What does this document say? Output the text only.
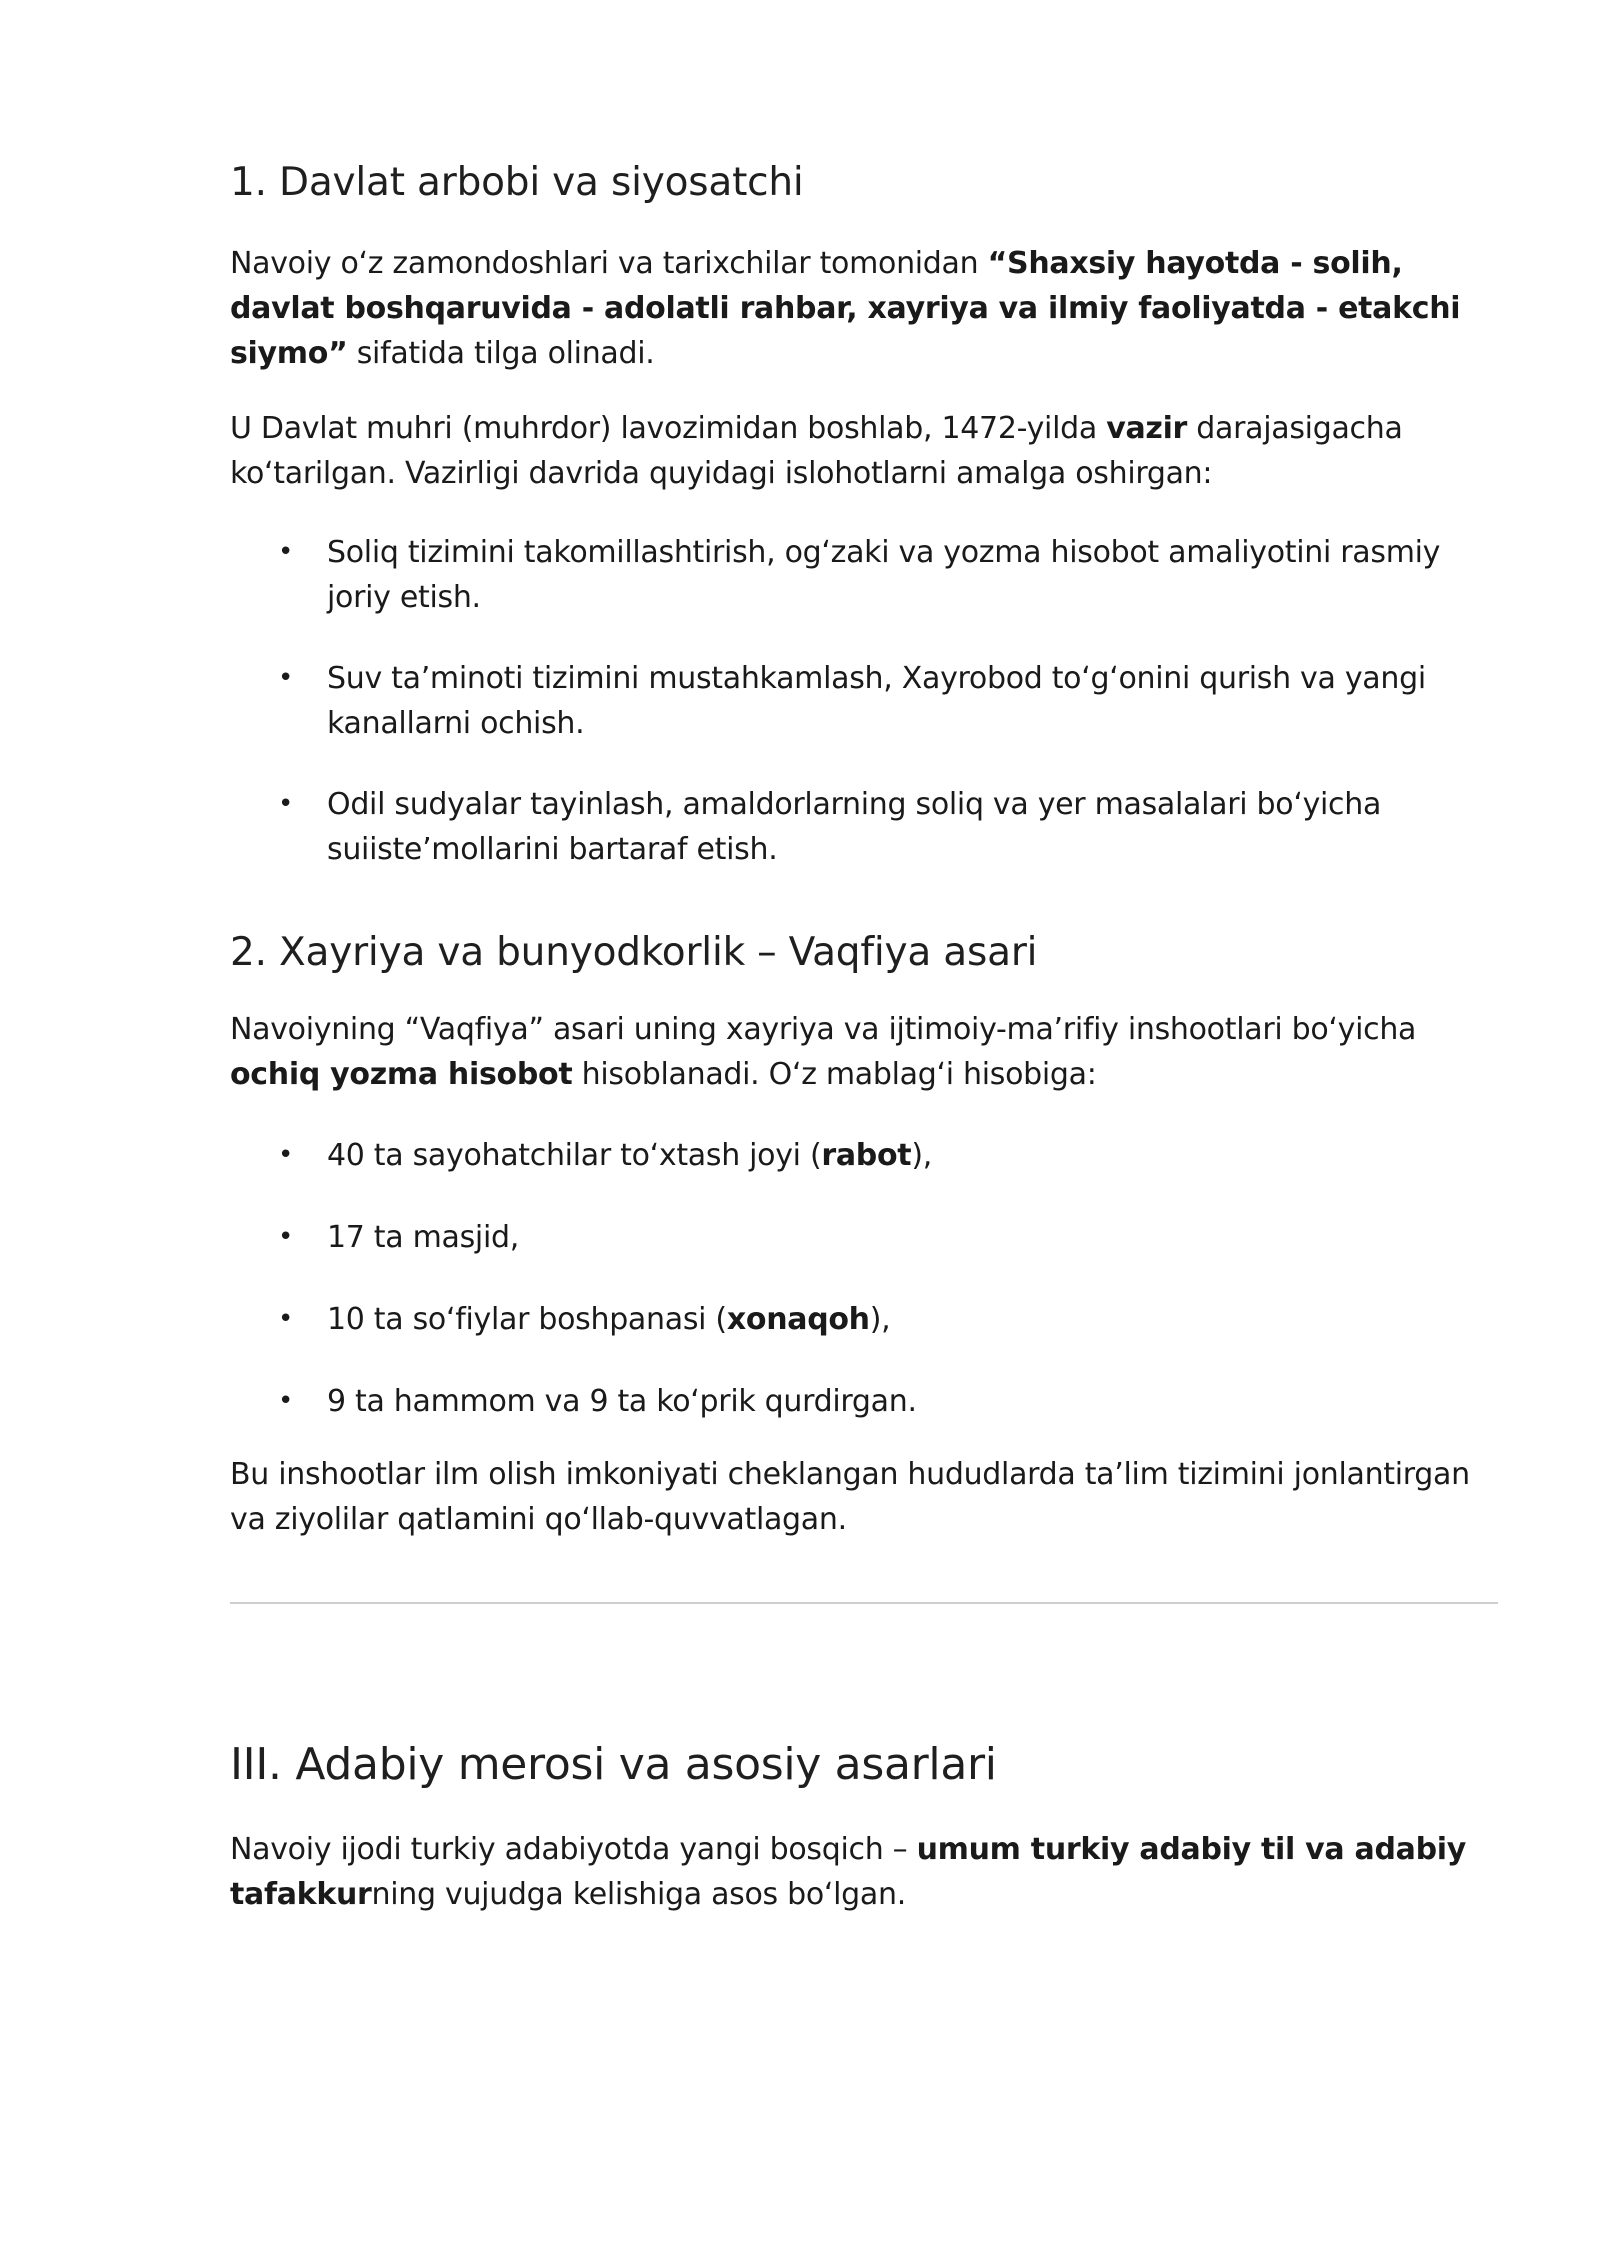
1. Davlat arbobi va siyosatchi

Navoiy o‘z zamondoshlari va tarixchilar tomonidan “Shaxsiy hayotda - solih, davlat boshqaruvida - adolatli rahbar, xayriya va ilmiy faoliyatda - etakchi siymo” sifatida tilga olinadi.

U Davlat muhri (muhrdor) lavozimidan boshlab, 1472-yilda vazir darajasigacha ko‘tarilgan. Vazirligi davrida quyidagi islohotlarni amalga oshirgan:

• Soliq tizimini takomillashtirish, og‘zaki va yozma hisobot amaliyotini rasmiy joriy etish.
• Suv ta’minoti tizimini mustahkamlash, Xayrobod to‘g‘onini qurish va yangi kanallarni ochish.
• Odil sudyalar tayinlash, amaldorlarning soliq va yer masalalari bo‘yicha suiiste’mollarini bartaraf etish.
2. Xayriya va bunyodkorlik – Vaqfiya asari

Navoiyning “Vaqfiya” asari uning xayriya va ijtimoiy-ma’rifiy inshootlari bo‘yicha ochiq yozma hisobot hisoblanadi. O‘z mablag‘i hisobiga:

• 40 ta sayohatchilar to‘xtash joyi (rabot),
• 17 ta masjid,
• 10 ta so‘fiylar boshpanasi (xonaqoh),
• 9 ta hammom va 9 ta ko‘prik qurdirgan.

Bu inshootlar ilm olish imkoniyati cheklangan hududlarda ta’lim tizimini jonlantirgan va ziyolilar qatlamini qo‘llab-quvvatlagan.

III. Adabiy merosi va asosiy asarlari

Navoiy ijodi turkiy adabiyotda yangi bosqich – umum turkiy adabiy til va adabiy tafakkurning vujudga kelishiga asos bo‘lgan.
